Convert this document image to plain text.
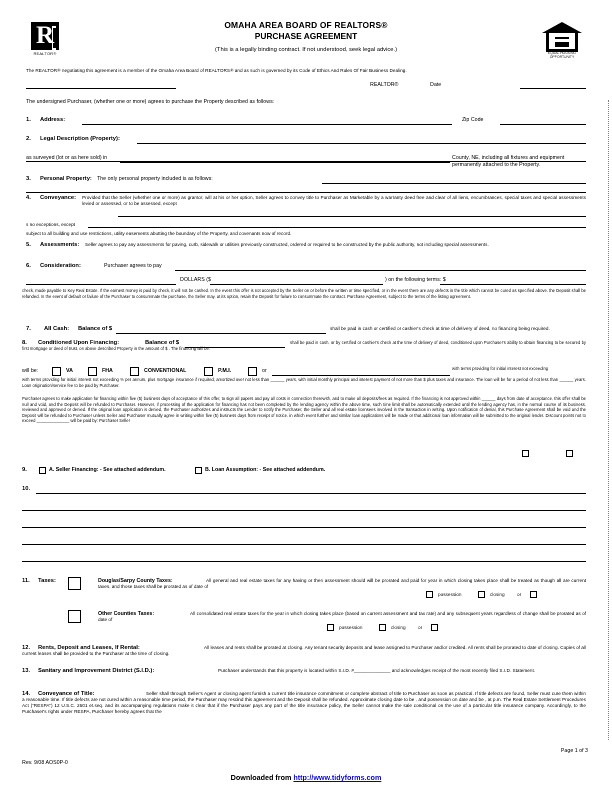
R
REALTOR®	EQUAL HOUSING
OPPORTUNITY
OMAHA AREA BOARD OF REALTORS®
PURCHASE AGREEMENT
(This is a legally binding contract. If not understood, seek legal advice.)
The REALTOR® negotiating this agreement is a member of the Omaha Area Board of REALTORS® and as such is governed by its Code of Ethics And Rules Of Fair Business Dealing.
REALTOR®	Date
The undersigned Purchaser, (whether one or more) agrees to purchase the Property described as follows:
1. Address:	Zip Code
2. Legal Description (Property):
as surveyed (lot or as here sold) in	County, NE, including all fixtures and equipment permanently attached to the Property.
3. Personal Property: The only personal property included is as follows:
4. Conveyance: Provided that the Seller (whether one or more) as grantor, will at his or her option, Seller agrees to convey title to Purchaser as Marketable by a warranty deed free and clear of all liens, encumbrances, special taxes and special assessments levied or assessed, or to be assessed, except
s no exceptions, except
subject to all building and use restrictions, utility easements abutting the boundary of the Property, and covenants now of record.
5. Assessments: Seller agrees to pay any assessments for paving, curb, sidewalk or utilities previously constructed, ordered or required to be constructed by the public authority, not including special assessments.
6. Consideration:	Purchaser agrees to pay
DOLLARS ($	) on the following terms: $
check, made payable to Key Real Estate. If the earnest money is paid by check, it will not be cashed. In the event this offer is not accepted by the Seller on or before the written or time specified, or in the event there are any defects in the title which cannot be cured as specified above, the Deposit shall be refunded. In the event of default or failure of the Purchaser to consummate the purchase, the Seller may, at its option, retain the Deposit for failure to consummate the contract. Purchase Agreement, subject to the terms of the listing agreement.
7. All Cash: Balance of $	shall be paid in cash or certified or cashier's check at time of delivery of deed, no financing being required.
8. Conditioned Upon Financing:	Balance of $	shall be paid in cash, or by certified or cashier's check at the time of delivery of deed, conditioned upon Purchaser's ability to obtain financing to be secured by first mortgage or deed of trust, on above described Property in the amount of $ . The financing will be:
will be:	VA	FHA	CONVENTIONAL	P.M.I.	or	with terms providing for initial interest not exceeding
with terms providing for initial interest not exceeding % per annum, plus mortgage insurance if required, amortized over not less than ______ years, with initial monthly principal and interest payment of not more than $ plus taxes and insurance. The loan will be for a period of not less than ______ years. Loan origination/service fee to be paid by Purchaser.
Purchaser agrees to make application for financing within five (5) business days of acceptance of this offer, to sign all papers and pay all costs in connection therewith, and to make all deposits/fees as required. If the financing is not approved within ______ days from date of acceptance, this offer shall be null and void, and the Deposit will be refunded to Purchaser. However, if processing of the application for financing has not been completed by the lending agency within the above time, such time limit shall be automatically extended until the lending agency has, in the normal course of its business, reviewed and approved or denied. If the original loan application is denied, the Purchaser authorizes and instructs the Lender to notify the Purchaser, the Seller and all real estate licensees involved in the transaction in writing. Upon notification of denial, this Purchase Agreement shall be void and the Deposit will be refunded to Purchaser unless Seller and Purchaser mutually agree in writing within five (5) business days from receipt of notice, in which event further and similar loan applications will be made or that additional loan information will be submitted to the original lender. Discount points not to exceed ______________ will be paid by: Purchaser Seller
9.	A. Seller Financing: - See attached addendum.	B. Loan Assumption: - See attached addendum.
10.
11. Taxes:	Douglas/Sarpy County Taxes:	All general and real estate taxes for any having or then assessment should will be prorated and paid for year in which closing takes place shall be treated as though all are current taxes, and those taxes shall be prorated as of date of
possession	closing	or
Other Counties Taxes:	All consolidated real estate taxes for the year in which closing takes place (based on current assessment and tax rate) and any subsequent years regardless of change shall be prorated as of date of
possession	closing	or
12. Rents, Deposit and Leases, If Rental:	All leases and rents shall be prorated at closing. Any tenant security deposits and lease assigned to Purchaser and/or credited. All rents shall be prorated to date of closing. Copies of all current leases shall be provided to the Purchaser at the time of closing.
13. Sanitary and Improvement District (S.I.D.):	Purchaser understands that this property is located within S.I.D. #______________ and acknowledges receipt of the most recently filed S.I.D. Statement.
14. Conveyance of Title:	Seller shall through Seller's Agent or closing agent furnish a current title insurance commitment or complete abstract of title to Purchaser as soon as practical. If title defects are found, Seller must cure them within a reasonable time. If title defects are not cured within a reasonable time period, the Purchaser may rescind this agreement and the Deposit shall be refunded. Approximate closing date to be , and possession on date and be , at p.m. The Real Estate Settlement Procedures Act ("RESPA") 12 U.S.C. 2601 et.seq. and its accompanying regulations make it clear that if the Purchaser pays any part of the title insurance policy, the Seller cannot make the sale conditional on the use of a particular title insurance company. Accordingly, to the Purchaser's rights under RESPA, Purchaser hereby agrees that the
Rev. 9/08 AOS0P-0
Page 1 of 3
Downloaded from http://www.tidyforms.com
